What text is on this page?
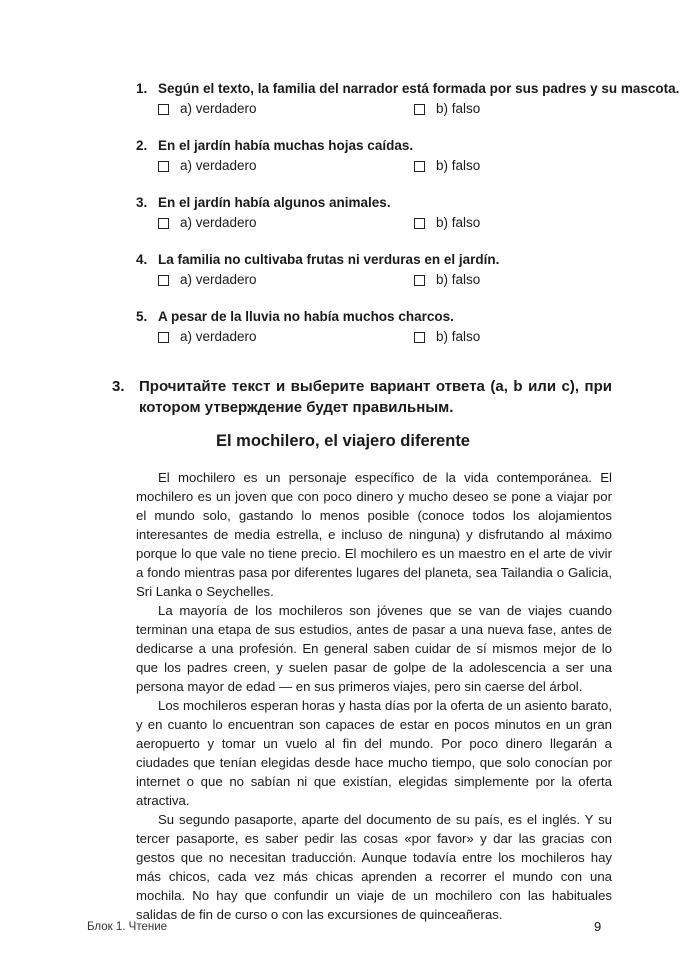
1. Según el texto, la familia del narrador está formada por sus padres y su mascota.
a) verdadero	b) falso
2. En el jardín había muchas hojas caídas.
a) verdadero	b) falso
3. En el jardín había algunos animales.
a) verdadero	b) falso
4. La familia no cultivaba frutas ni verduras en el jardín.
a) verdadero	b) falso
5. A pesar de la lluvia no había muchos charcos.
a) verdadero	b) falso
3. Прочитайте текст и выберите вариант ответа (a, b или c), при котором утверждение будет правильным.
El mochilero, el viajero diferente

El mochilero es un personaje específico de la vida contemporánea. El mochilero es un joven que con poco dinero y mucho deseo se pone a viajar por el mundo solo, gastando lo menos posible (conoce todos los alojamientos interesantes de media estrella, e incluso de ninguna) y disfrutando al máximo porque lo que vale no tiene precio. El mochilero es un maestro en el arte de vivir a fondo mientras pasa por diferentes lugares del planeta, sea Tailandia o Galicia, Sri Lanka o Seychelles.

La mayoría de los mochileros son jóvenes que se van de viajes cuando terminan una etapa de sus estudios, antes de pasar a una nueva fase, antes de dedicarse a una profesión. En general saben cuidar de sí mismos mejor de lo que los padres creen, y suelen pasar de golpe de la adolescencia a ser una persona mayor de edad — en sus primeros viajes, pero sin caerse del árbol.

Los mochileros esperan horas y hasta días por la oferta de un asiento barato, y en cuanto lo encuentran son capaces de estar en pocos minutos en un gran aeropuerto y tomar un vuelo al fin del mundo. Por poco dinero llegarán a ciudades que tenían elegidas desde hace mucho tiempo, que solo conocían por internet o que no sabían ni que existían, elegidas simplemente por la oferta atractiva.

Su segundo pasaporte, aparte del documento de su país, es el inglés. Y su tercer pasaporte, es saber pedir las cosas «por favor» y dar las gracias con gestos que no necesitan traducción. Aunque todavía entre los mochileros hay más chicos, cada vez más chicas aprenden a recorrer el mundo con una mochila. No hay que confundir un viaje de un mochilero con las habituales salidas de fin de curso o con las excursiones de quinceañeras.

Блок 1. Чтение	9
